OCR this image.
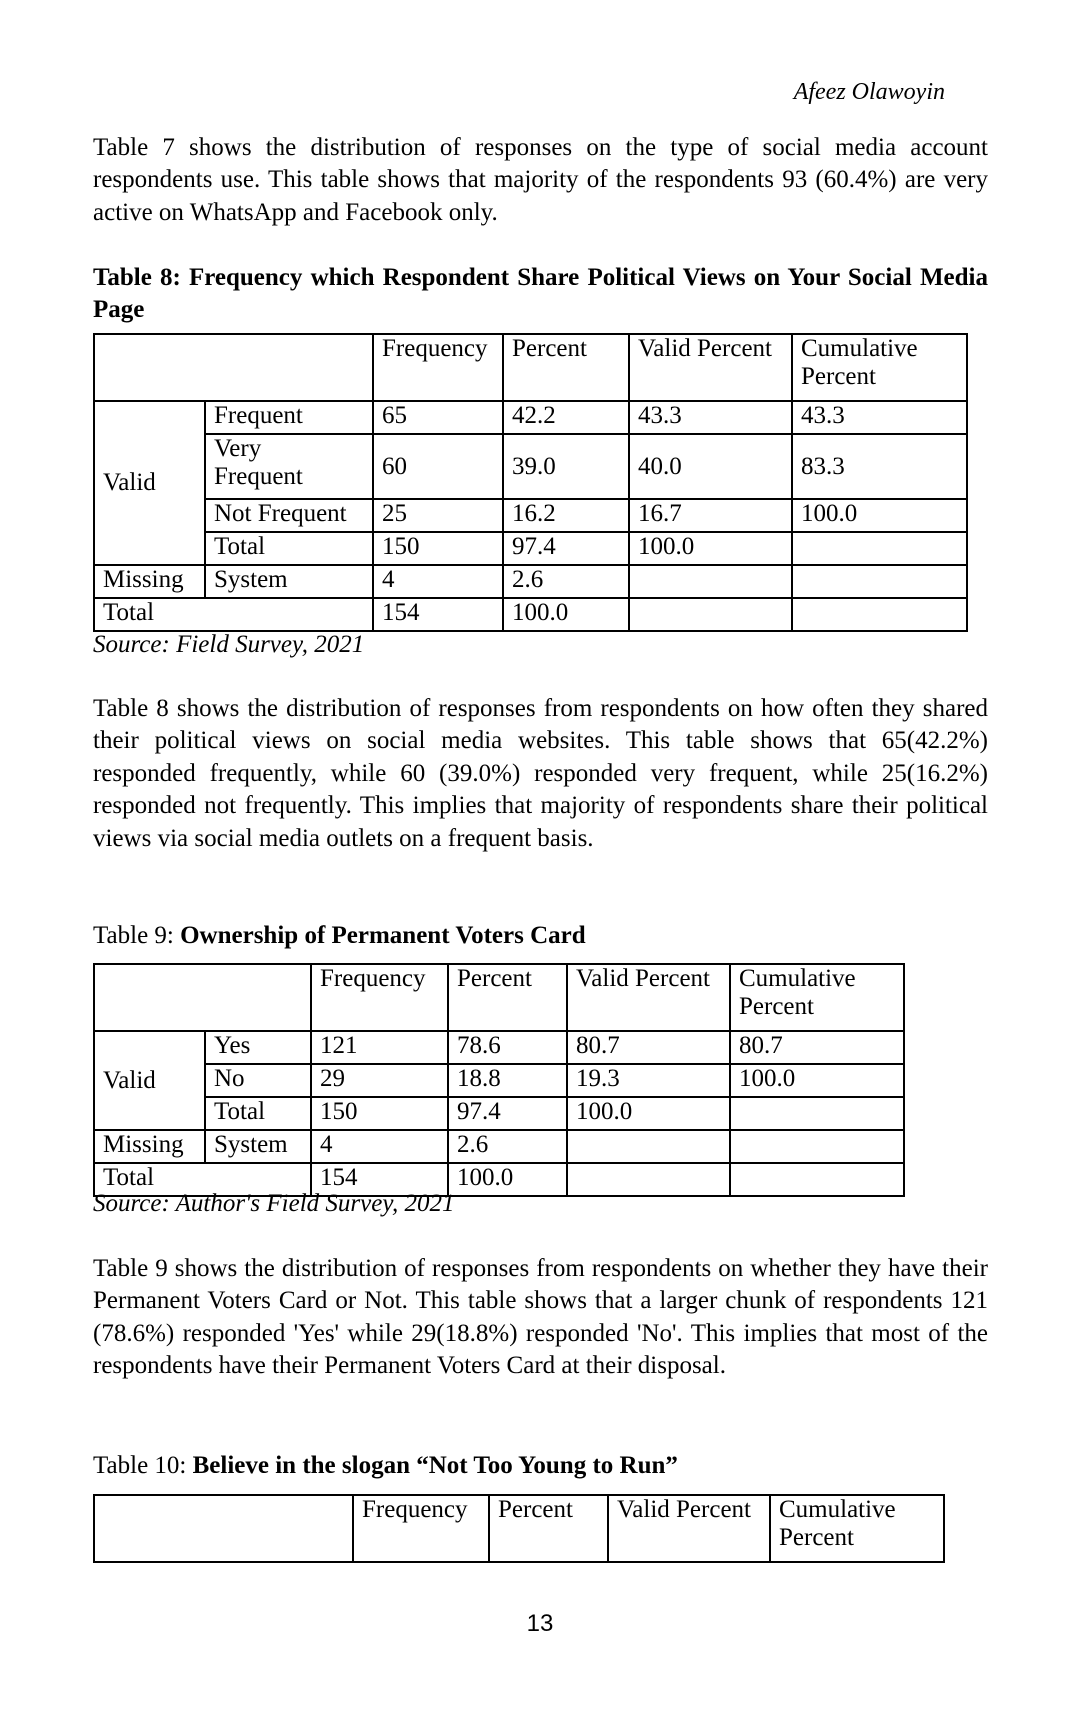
Afeez Olawoyin

Table 7 shows the distribution of responses on the type of social media account respondents use. This table shows that majority of the respondents 93 (60.4%) are very active on WhatsApp and Facebook only.

Table 8: Frequency which Respondent Share Political Views on Your Social Media Page

		Frequency	Percent	Valid Percent	Cumulative Percent
Valid	Frequent	65	42.2	43.3	43.3
	Very Frequent	60	39.0	40.0	83.3
	Not Frequent	25	16.2	16.7	100.0
	Total	150	97.4	100.0	
Missing	System	4	2.6		
Total		154	100.0		
Source: Field Survey, 2021

Table 8 shows the distribution of responses from respondents on how often they shared their political views on social media websites. This table shows that 65(42.2%) responded frequently, while 60 (39.0%) responded very frequent, while 25(16.2%) responded not frequently. This implies that majority of respondents share their political views via social media outlets on a frequent basis.

Table 9: Ownership of Permanent Voters Card

		Frequency	Percent	Valid Percent	Cumulative Percent
Valid	Yes	121	78.6	80.7	80.7
	No	29	18.8	19.3	100.0
	Total	150	97.4	100.0	
Missing	System	4	2.6		
Total		154	100.0		
Source: Author's Field Survey, 2021

Table 9 shows the distribution of responses from respondents on whether they have their Permanent Voters Card or Not. This table shows that a larger chunk of respondents 121 (78.6%) responded 'Yes' while 29(18.8%) responded 'No'. This implies that most of the respondents have their Permanent Voters Card at their disposal.

Table 10: Believe in the slogan “Not Too Young to Run”

	Frequency	Percent	Valid Percent	Cumulative Percent
13
